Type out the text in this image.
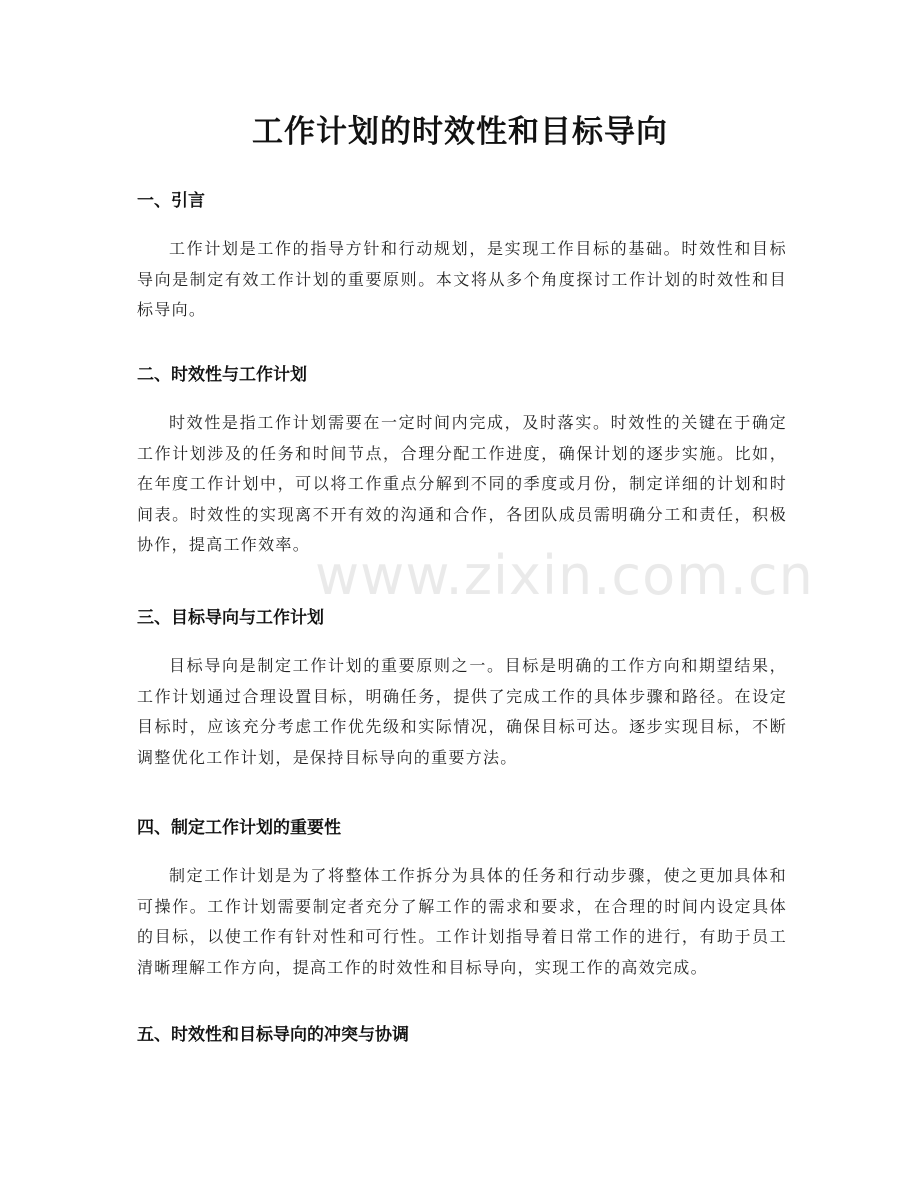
工作计划的时效性和目标导向
一、引言

工作计划是工作的指导方针和行动规划，是实现工作目标的基础。时效性和目标导向是制定有效工作计划的重要原则。本文将从多个角度探讨工作计划的时效性和目标导向。

二、时效性与工作计划

时效性是指工作计划需要在一定时间内完成，及时落实。时效性的关键在于确定工作计划涉及的任务和时间节点，合理分配工作进度，确保计划的逐步实施。比如，在年度工作计划中，可以将工作重点分解到不同的季度或月份，制定详细的计划和时间表。时效性的实现离不开有效的沟通和合作，各团队成员需明确分工和责任，积极协作，提高工作效率。

三、目标导向与工作计划

目标导向是制定工作计划的重要原则之一。目标是明确的工作方向和期望结果，工作计划通过合理设置目标，明确任务，提供了完成工作的具体步骤和路径。在设定目标时，应该充分考虑工作优先级和实际情况，确保目标可达。逐步实现目标，不断调整优化工作计划，是保持目标导向的重要方法。

四、制定工作计划的重要性

制定工作计划是为了将整体工作拆分为具体的任务和行动步骤，使之更加具体和可操作。工作计划需要制定者充分了解工作的需求和要求，在合理的时间内设定具体的目标，以使工作有针对性和可行性。工作计划指导着日常工作的进行，有助于员工清晰理解工作方向，提高工作的时效性和目标导向，实现工作的高效完成。

五、时效性和目标导向的冲突与协调
www.zixin.com.cn
